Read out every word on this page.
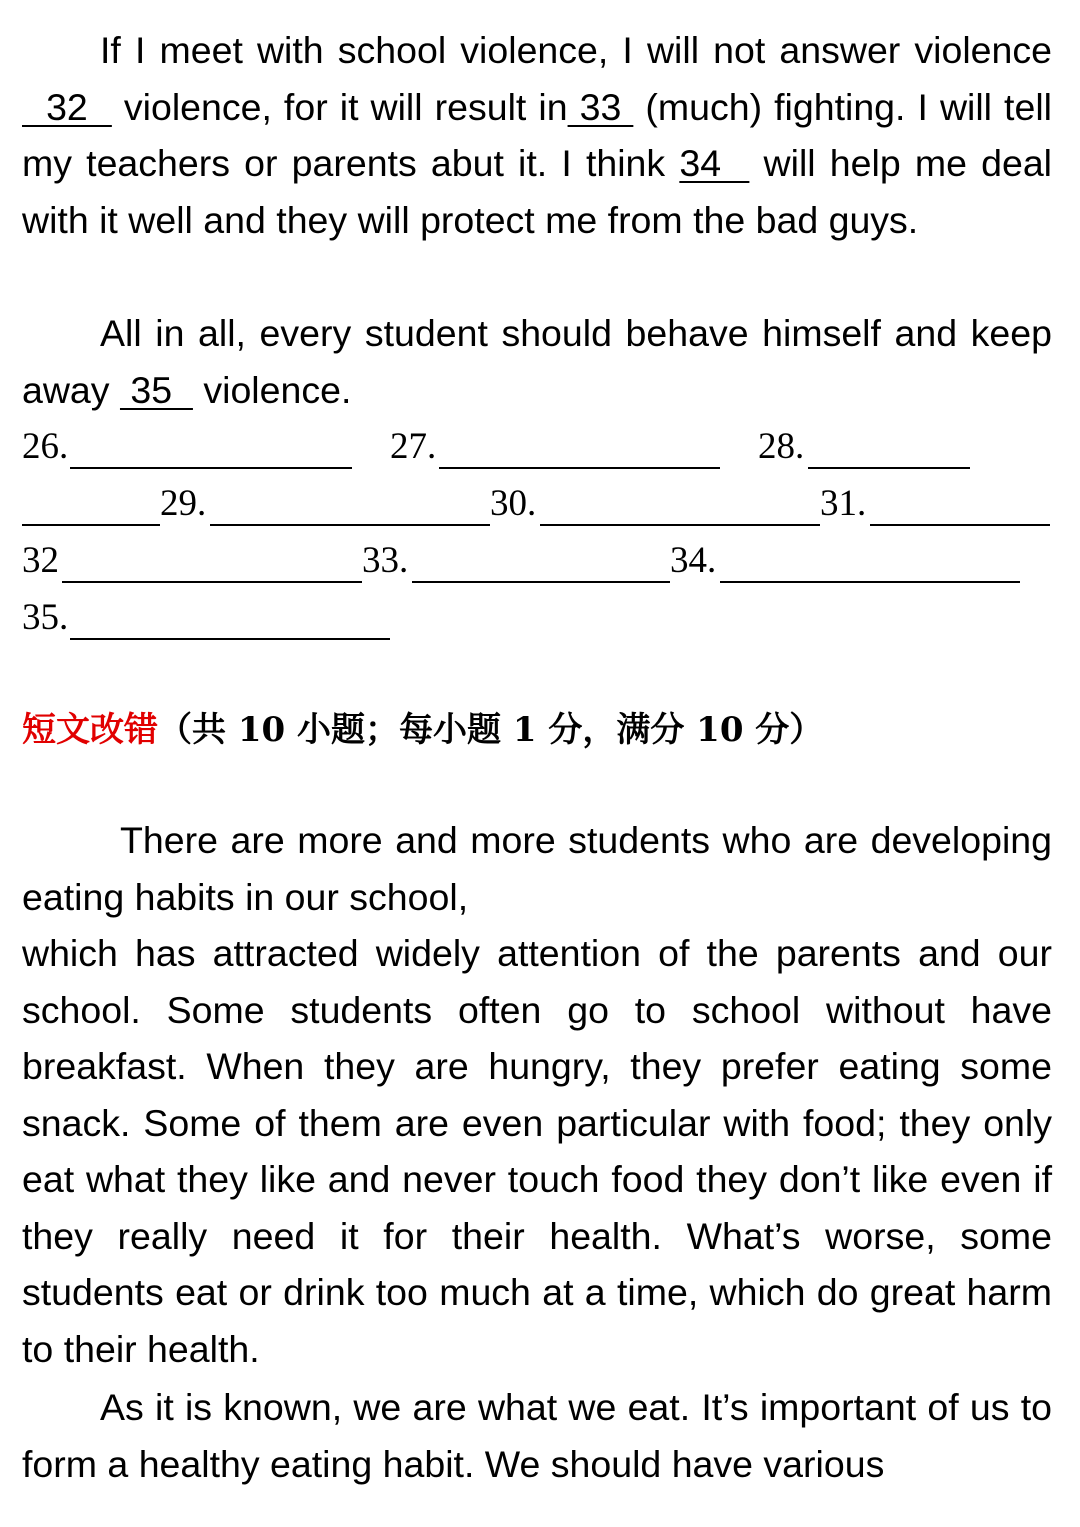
If I meet with school violence, I will not answer violence   32   violence, for it will result in 33  (much) fighting. I will tell my teachers or parents abut it. I think 34   will help me deal with it well and they will protect me from the bad guys.

All in all, every student should behave himself and keep away  35   violence.

26.	27.	28.
29.	30.	31.
32	33.	34.
35.
短文改错（共 10 小题；每小题 1 分，满分 10 分）

There are more and more students who are developing eating habits in our school,

which has attracted widely attention of the parents and our school. Some students often go to school without have breakfast. When they are hungry, they prefer eating some snack. Some of them are even particular with food; they only eat what they like and never touch food they don’t like even if they really need it for their health. What’s worse, some students eat or drink too much at a time, which do great harm to their health.

As it is known, we are what we eat. It’s important of us to form a healthy eating habit. We should have various
